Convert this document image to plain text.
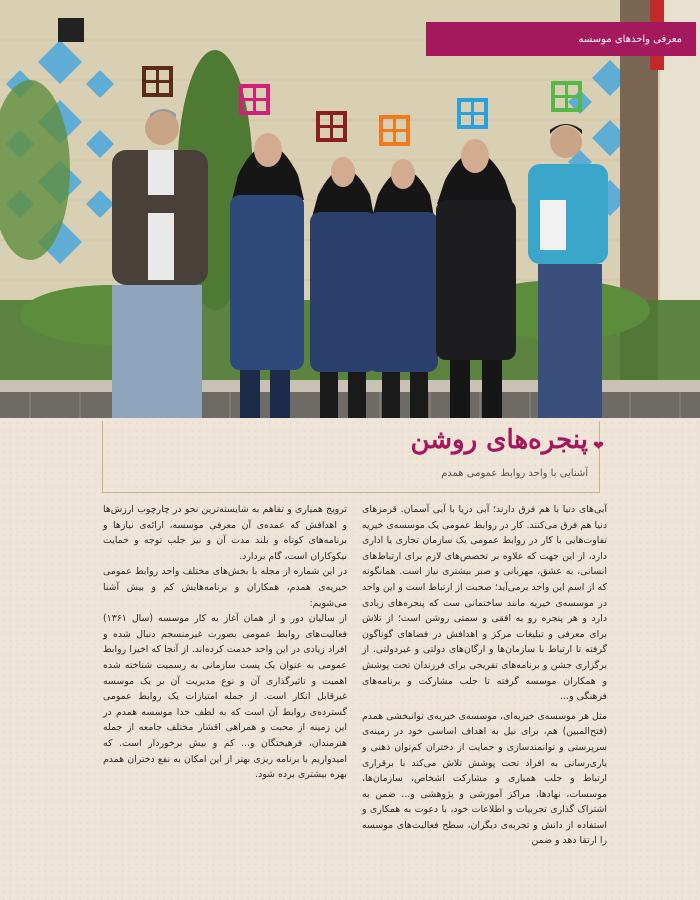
معرفی واحدهای موسسه
❤
پنجره‌های روشن

آشنایی با واحد روابط عمومی همدم

آبی‌های دنیا با هم فرق دارند؛ آبی دریا با آبی آسمان. قرمزهای دنیا هم فرق می‌کنند. کار در روابط عمومی یک موسسه‌ی خیریه تفاوت‌هایی با کار در روابط عمومی یک سازمان تجاری یا اداری دارد، از این جهت که علاوه بر تخصص‌های لازم برای ارتباط‌های انسانی، به عشق، مهربانی و صبر بیشتری نیاز است. همانگونه که از اسم این واحد برمی‌آید؛ صحبت از ارتباط است و این واحد در موسسه‌ی خیریه مانند ساختمانی ست که پنجره‌های زیادی دارد و هر پنجره رو به افقی و سمتی روشن است؛ از تلاش برای معرفی و تبلیغات مرکز و اهدافش در فضاهای گوناگون گرفته تا ارتباط با سازمان‌ها و ارگان‌های دولتی و غیردولتی. از برگزاری جشن و برنامه‌های تفریحی برای فرزندان تحت پوشش و همکاران موسسه گرفته تا جلب مشارکت و برنامه‌های فرهنگی و...

مثل هر موسسه‌ی خیریه‌ای، موسسه‌ی خیریه‌ی توانبخشی همدم (فتح‌المبین) هم، برای نیل به اهداف اساسی خود در زمینه‌ی سرپرستی و توانمندسازی و حمایت از دختران کم‌توان ذهنی و یاری‌رسانی به افراد تحت پوشش تلاش می‌کند با برقراری ارتباط و جلب همیاری و مشارکت اشخاص، سازمان‌ها، موسسات، نهادها، مراکز آموزشی و پژوهشی و... ضمن به اشتراک گذاری تجربیات و اطلاعات خود، با دعوت به همکاری و استفاده از دانش و تجربه‌ی دیگران، سطح فعالیت‌های موسسه را ارتقا دهد و ضمن

ترویج همیاری و تفاهم به شایسته‌ترین نحو در چارچوب ارزش‌ها و اهدافش که عمده‌ی آن معرفی موسسه، ارائه‌ی نیازها و برنامه‌های کوتاه و بلند مدت آن و نیز جلب توجه و حمایت نیکوکاران است، گام بردارد.

در این شماره از مجله با بخش‌های مختلف واحد روابط عمومی خیریه‌ی همدم، همکاران و برنامه‌هایش کم و بیش آشنا می‌شویم:

از سالیان دور و از همان آغاز به کار موسسه (سال ۱۳۶۱) فعالیت‌های روابط عمومی بصورت غیرمنسجم دنبال شده و افراد زیادی در این واحد خدمت کرده‌اند. از آنجا که اخیرا روابط عمومی به عنوان یک پست سازمانی به رسمیت شناخته شده اهمیت و تاثیرگذاری آن و نوع مدیریت آن بر یک موسسه غیرقابل انکار است. از جمله امتیازات یک روابط عمومی گسترده‌ی روابط آن است که به لطف خدا موسسه همدم در این زمینه از محبت و همراهی اقشار مختلف جامعه از جمله هنرمندان، فرهیختگان و... کم و بیش برخوردار است. که امیدواریم با برنامه ریزی بهتر از این امکان به نفع دختران همدم بهره بیشتری برده شود.
